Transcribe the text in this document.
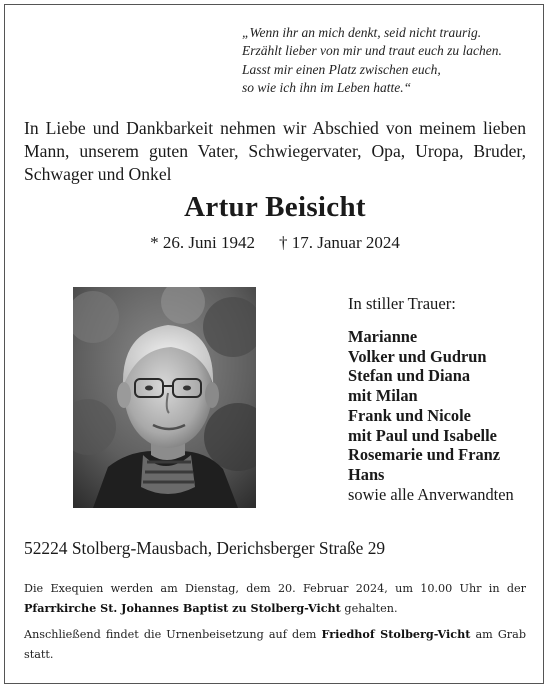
„Wenn ihr an mich denkt, seid nicht traurig.
Erzählt lieber von mir und traut euch zu lachen.
Lasst mir einen Platz zwischen euch,
so wie ich ihn im Leben hatte.“
In Liebe und Dankbarkeit nehmen wir Abschied von meinem lieben
Mann, unserem guten Vater, Schwiegervater, Opa, Uropa, Bruder,
Schwager und Onkel
Artur Beisicht
* 26. Juni 1942 † 17. Januar 2024
In stiller Trauer:
Marianne
Volker und Gudrun
Stefan und Diana
mit Milan
Frank und Nicole
mit Paul und Isabelle
Rosemarie und Franz
Hans
sowie alle Anverwandten
52224 Stolberg-Mausbach, Derichsberger Straße 29

Die Exequien werden am Dienstag, dem 20. Februar 2024, um 10.00 Uhr in der

Pfarrkirche St. Johannes Baptist zu Stolberg-Vicht gehalten.

Anschließend findet die Urnenbeisetzung auf dem Friedhof Stolberg-Vicht am Grab

statt.
